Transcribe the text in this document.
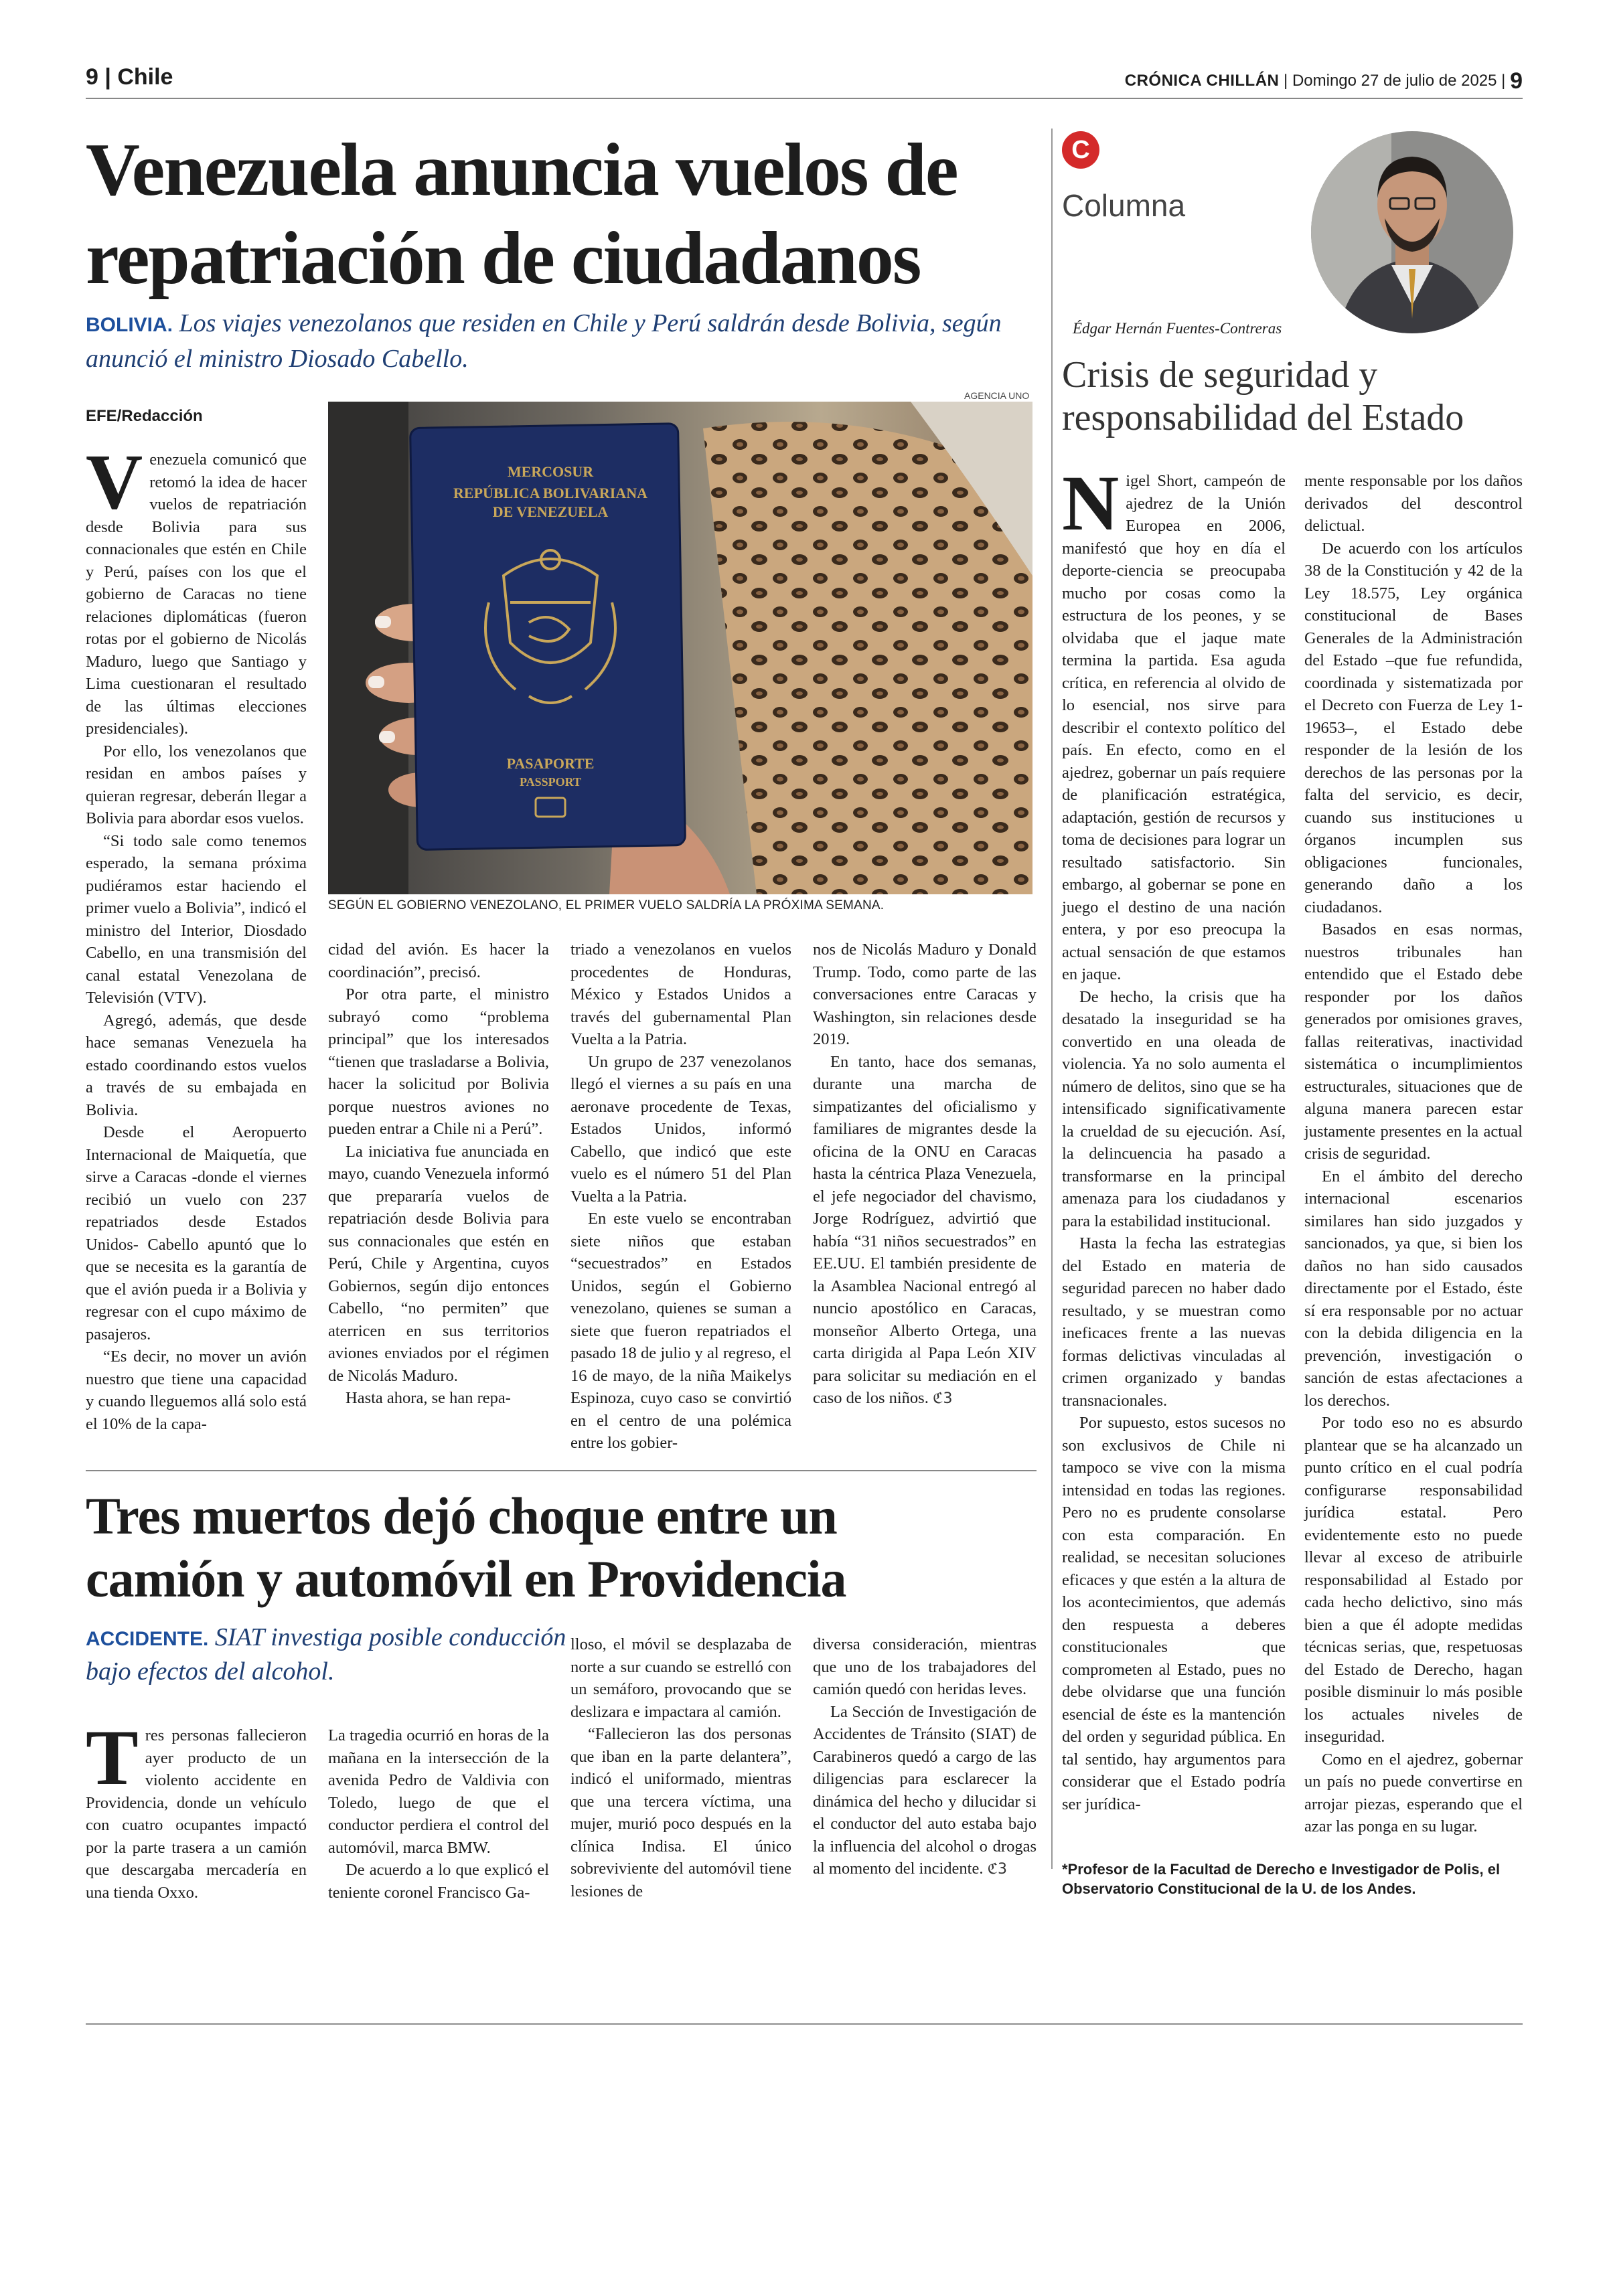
9 | Chile	CRÓNICA CHILLÁN | Domingo 27 de julio de 2025 | 9
Venezuela anuncia vuelos de
repatriación de ciudadanos
BOLIVIA. Los viajes venezolanos que residen en Chile y Perú saldrán desde Bolivia, según anunció el ministro Diosado Cabello.
EFE/Redacción
AGENCIA UNO
MERCOSUR
REPÚBLICA BOLIVARIANA
DE VENEZUELA
PASAPORTE
PASSPORT
SEGÚN EL GOBIERNO VENEZOLANO, EL PRIMER VUELO SALDRÍA LA PRÓXIMA SEMANA.

Venezuela comunicó que retomó la idea de hacer vuelos de repatriación desde Bolivia para sus connacionales que estén en Chile y Perú, países con los que el gobierno de Caracas no tiene relaciones diplomáticas (fueron rotas por el gobierno de Nicolás Maduro, luego que Santiago y Lima cuestionaran el resultado de las últimas elecciones presidenciales).

Por ello, los venezolanos que residan en ambos países y quieran regresar, deberán llegar a Bolivia para abordar esos vuelos.

“Si todo sale como tenemos esperado, la semana próxima pudiéramos estar haciendo el primer vuelo a Bolivia”, indicó el ministro del Interior, Diosdado Cabello, en una transmisión del canal estatal Venezolana de Televisión (VTV).

Agregó, además, que desde hace semanas Venezuela ha estado coordinando estos vuelos a través de su embajada en Bolivia.

Desde el Aeropuerto Internacional de Maiquetía, que sirve a Caracas -donde el viernes recibió un vuelo con 237 repatriados desde Estados Unidos- Cabello apuntó que lo que se necesita es la garantía de que el avión pueda ir a Bolivia y regresar con el cupo máximo de pasajeros.

“Es decir, no mover un avión nuestro que tiene una capacidad y cuando lleguemos allá solo está el 10% de la capa-

cidad del avión. Es hacer la coordinación”, precisó.

Por otra parte, el ministro subrayó como “problema principal” que los interesados “tienen que trasladarse a Bolivia, hacer la solicitud por Bolivia porque nuestros aviones no pueden entrar a Chile ni a Perú”.

La iniciativa fue anunciada en mayo, cuando Venezuela informó que prepararía vuelos de repatriación desde Bolivia para sus connacionales que estén en Perú, Chile y Argentina, cuyos Gobiernos, según dijo entonces Cabello, “no permiten” que aterricen en sus territorios aviones enviados por el régimen de Nicolás Maduro.

Hasta ahora, se han repa-

triado a venezolanos en vuelos procedentes de Honduras, México y Estados Unidos a través del gubernamental Plan Vuelta a la Patria.

Un grupo de 237 venezolanos llegó el viernes a su país en una aeronave procedente de Texas, Estados Unidos, informó Cabello, que indicó que este vuelo es el número 51 del Plan Vuelta a la Patria.

En este vuelo se encontraban siete niños que estaban “secuestrados” en Estados Unidos, según el Gobierno venezolano, quienes se suman a siete que fueron repatriados el pasado 18 de julio y al regreso, el 16 de mayo, de la niña Maikelys Espinoza, cuyo caso se convirtió en el centro de una polémica entre los gobier-

nos de Nicolás Maduro y Donald Trump. Todo, como parte de las conversaciones entre Caracas y Washington, sin relaciones desde 2019.

En tanto, hace dos semanas, durante una marcha de simpatizantes del oficialismo y familiares de migrantes desde la oficina de la ONU en Caracas hasta la céntrica Plaza Venezuela, el jefe negociador del chavismo, Jorge Rodríguez, advirtió que había “31 niños secuestrados” en EE.UU. El también presidente de la Asamblea Nacional entregó al nuncio apostólico en Caracas, monseñor Alberto Ortega, una carta dirigida al Papa León XIV para solicitar su mediación en el caso de los niños. ℭ3

Tres muertos dejó choque entre un
camión y automóvil en Providencia
ACCIDENTE. SIAT investiga posible conducción bajo efectos del alcohol.

Tres personas fallecieron ayer producto de un violento accidente en Providencia, donde un vehículo con cuatro ocupantes impactó por la parte trasera a un camión que descargaba mercadería en una tienda Oxxo.

La tragedia ocurrió en horas de la mañana en la intersección de la avenida Pedro de Valdivia con Toledo, luego de que el conductor perdiera el control del automóvil, marca BMW.

De acuerdo a lo que explicó el teniente coronel Francisco Ga-

lloso, el móvil se desplazaba de norte a sur cuando se estrelló con un semáforo, provocando que se deslizara e impactara al camión.

“Fallecieron las dos personas que iban en la parte delantera”, indicó el uniformado, mientras que una tercera víctima, una mujer, murió poco después en la clínica Indisa. El único sobreviviente del automóvil tiene lesiones de

diversa consideración, mientras que uno de los trabajadores del camión quedó con heridas leves.

La Sección de Investigación de Accidentes de Tránsito (SIAT) de Carabineros quedó a cargo de las diligencias para esclarecer la dinámica del hecho y dilucidar si el conductor del auto estaba bajo la influencia del alcohol o drogas al momento del incidente. ℭ3

C
Columna
Édgar Hernán Fuentes-Contreras
Crisis de seguridad y responsabilidad del Estado

Nigel Short, campeón de ajedrez de la Unión Europea en 2006, manifestó que hoy en día el deporte-ciencia se preocupaba mucho por cosas como la estructura de los peones, y se olvidaba que el jaque mate termina la partida. Esa aguda crítica, en referencia al olvido de lo esencial, nos sirve para describir el contexto político del país. En efecto, como en el ajedrez, gobernar un país requiere de planificación estratégica, adaptación, gestión de recursos y toma de decisiones para lograr un resultado satisfactorio. Sin embargo, al gobernar se pone en juego el destino de una nación entera, y por eso preocupa la actual sensación de que estamos en jaque.

De hecho, la crisis que ha desatado la inseguridad se ha convertido en una oleada de violencia. Ya no solo aumenta el número de delitos, sino que se ha intensificado significativamente la crueldad de su ejecución. Así, la delincuencia ha pasado a transformarse en la principal amenaza para los ciudadanos y para la estabilidad institucional.

Hasta la fecha las estrategias del Estado en materia de seguridad parecen no haber dado resultado, y se muestran como ineficaces frente a las nuevas formas delictivas vinculadas al crimen organizado y bandas transnacionales.

Por supuesto, estos sucesos no son exclusivos de Chile ni tampoco se vive con la misma intensidad en todas las regiones. Pero no es prudente consolarse con esta comparación. En realidad, se necesitan soluciones eficaces y que estén a la altura de los acontecimientos, que además den respuesta a deberes constitucionales que comprometen al Estado, pues no debe olvidarse que una función esencial de éste es la mantención del orden y seguridad pública. En tal sentido, hay argumentos para considerar que el Estado podría ser jurídica-

mente responsable por los daños derivados del descontrol delictual.

De acuerdo con los artículos 38 de la Constitución y 42 de la Ley 18.575, Ley orgánica constitucional de Bases Generales de la Administración del Estado –que fue refundida, coordinada y sistematizada por el Decreto con Fuerza de Ley 1-19653–, el Estado debe responder de la lesión de los derechos de las personas por la falta del servicio, es decir, cuando sus instituciones u órganos incumplen sus obligaciones funcionales, generando daño a los ciudadanos.

Basados en esas normas, nuestros tribunales han entendido que el Estado debe responder por los daños generados por omisiones graves, fallas reiterativas, inactividad sistemática o incumplimientos estructurales, situaciones que de alguna manera parecen estar justamente presentes en la actual crisis de seguridad.

En el ámbito del derecho internacional escenarios similares han sido juzgados y sancionados, ya que, si bien los daños no han sido causados directamente por el Estado, éste sí era responsable por no actuar con la debida diligencia en la prevención, investigación o sanción de estas afectaciones a los derechos.

Por todo eso no es absurdo plantear que se ha alcanzado un punto crítico en el cual podría configurarse responsabilidad jurídica estatal. Pero evidentemente esto no puede llevar al exceso de atribuirle responsabilidad al Estado por cada hecho delictivo, sino más bien a que él adopte medidas técnicas serias, que, respetuosas del Estado de Derecho, hagan posible disminuir lo más posible los actuales niveles de inseguridad.

Como en el ajedrez, gobernar un país no puede convertirse en arrojar piezas, esperando que el azar las ponga en su lugar.

*Profesor de la Facultad de Derecho e Investigador de Polis, el Observatorio Constitucional de la U. de los Andes.
